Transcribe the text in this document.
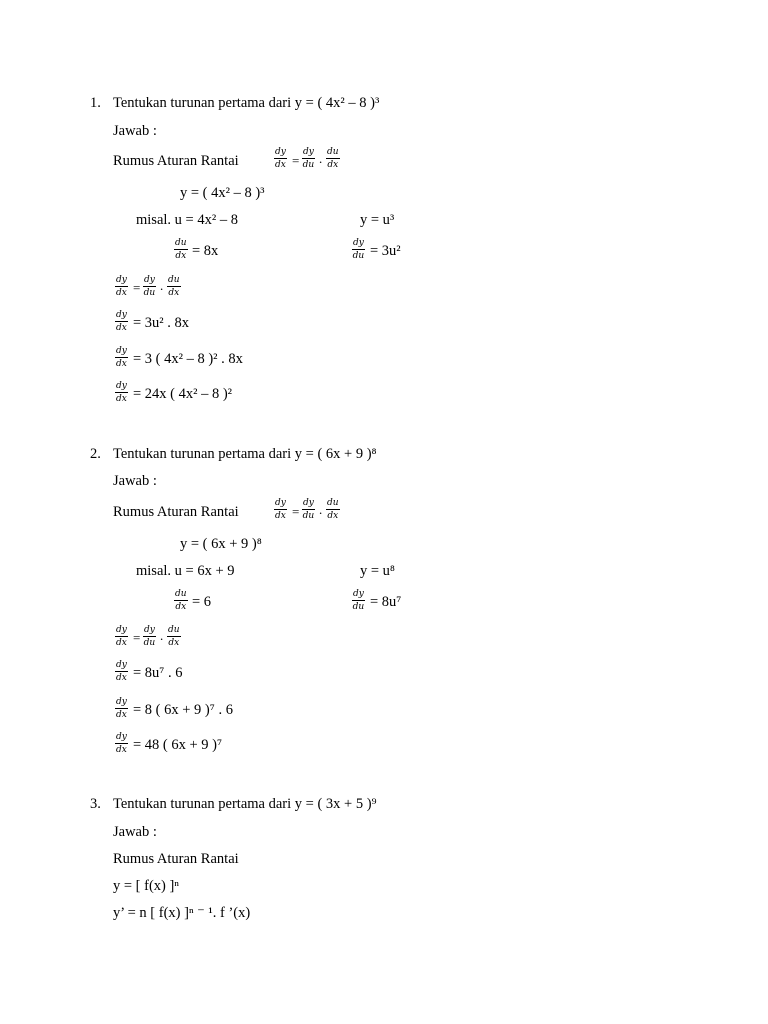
1. Tentukan turunan pertama dari y = ( 4x² – 8 )³
Jawab :
Rumus Aturan Rantai	$\frac{dy}{dx} = \frac{dy}{du}$ . $\frac{du}{dx}$
y = ( 4x² – 8 )³
misal. u = 4x² – 8	y = u³
$\frac{du}{dx} = 8x$	$\frac{dy}{du} = 3u^2$
$\frac{dy}{dx} = \frac{dy}{du}$ . $\frac{du}{dx}$
$\frac{dy}{dx} = 3u^2$ . 8x
$\frac{dy}{dx} = 3$ ( 4x² – 8 )² . 8x
$\frac{dy}{dx} = 24x$ ( 4x² – 8 )²
2. Tentukan turunan pertama dari y = ( 6x + 9 )⁸
Jawab :
Rumus Aturan Rantai	$\frac{dy}{dx} = \frac{dy}{du}$ . $\frac{du}{dx}$
y = ( 6x + 9 )⁸
misal. u = 6x + 9	y = u⁸
$\frac{du}{dx} = 6$	$\frac{dy}{du} = 8u^7$
$\frac{dy}{dx} = \frac{dy}{du}$ . $\frac{du}{dx}$
$\frac{dy}{dx} = 8u^7$ . 6
$\frac{dy}{dx} = 8$ ( 6x + 9 )⁷ . 6
$\frac{dy}{dx} = 48$ ( 6x + 9 )⁷
3. Tentukan turunan pertama dari y = ( 3x + 5 )⁹
Jawab :
Rumus Aturan Rantai
y = [ f(x) ]ⁿ
y’ = n [ f(x) ]ⁿ ⁻ ¹. f ’(x)
